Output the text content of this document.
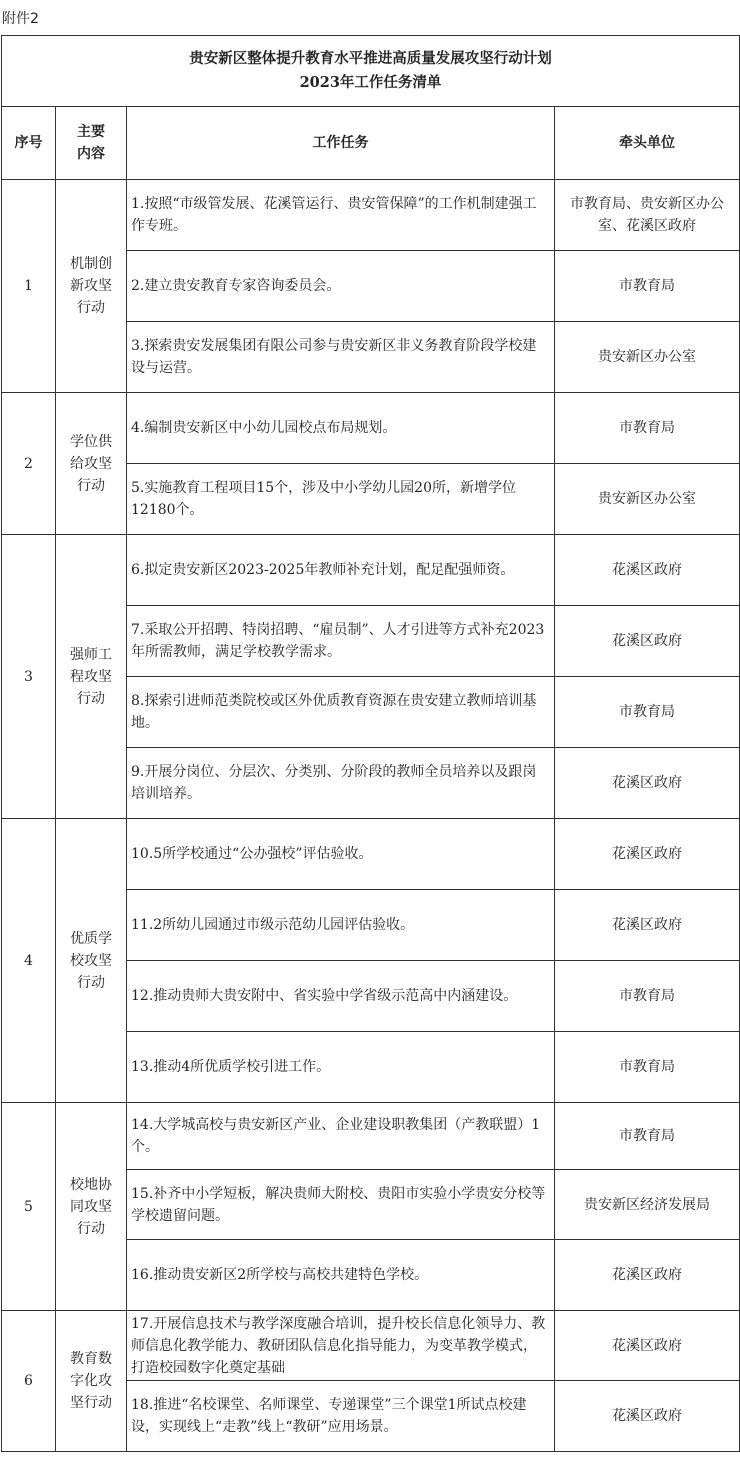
附件2
贵安新区整体提升教育水平推进高质量发展攻坚行动计划
2023年工作任务清单			

序号	主要内容	工作任务	牵头单位
1	机制创新攻坚行动	1.按照“市级管发展、花溪管运行、贵安管保障”的工作机制建强工作专班。	市教育局、贵安新区办公室、花溪区政府
		2.建立贵安教育专家咨询委员会。	市教育局
		3.探索贵安发展集团有限公司参与贵安新区非义务教育阶段学校建设与运营。	贵安新区办公室
2	学位供给攻坚行动	4.编制贵安新区中小幼儿园校点布局规划。	市教育局
		5.实施教育工程项目15个，涉及中小学幼儿园20所，新增学位12180个。	贵安新区办公室
3	强师工程攻坚行动	6.拟定贵安新区2023-2025年教师补充计划，配足配强师资。	花溪区政府
		7.采取公开招聘、特岗招聘、“雇员制”、人才引进等方式补充2023年所需教师，满足学校教学需求。	花溪区政府
		8.探索引进师范类院校或区外优质教育资源在贵安建立教师培训基地。	市教育局
		9.开展分岗位、分层次、分类别、分阶段的教师全员培养以及跟岗培训培养。	花溪区政府
4	优质学校攻坚行动	10.5所学校通过“公办强校”评估验收。	花溪区政府
		11.2所幼儿园通过市级示范幼儿园评估验收。	花溪区政府
		12.推动贵师大贵安附中、省实验中学省级示范高中内涵建设。	市教育局
		13.推动4所优质学校引进工作。	市教育局
5	校地协同攻坚行动	14.大学城高校与贵安新区产业、企业建设职教集团（产教联盟）1个。	市教育局
		15.补齐中小学短板，解决贵师大附校、贵阳市实验小学贵安分校等学校遗留问题。	贵安新区经济发展局
		16.推动贵安新区2所学校与高校共建特色学校。	花溪区政府
6	教育数字化攻坚行动	17.开展信息技术与教学深度融合培训，提升校长信息化领导力、教师信息化教学能力、教研团队信息化指导能力，为变革教学模式，打造校园数字化奠定基础	花溪区政府
		18.推进“名校课堂、名师课堂、专递课堂”三个课堂1所试点校建设，实现线上“走教”线上“教研”应用场景。	花溪区政府
